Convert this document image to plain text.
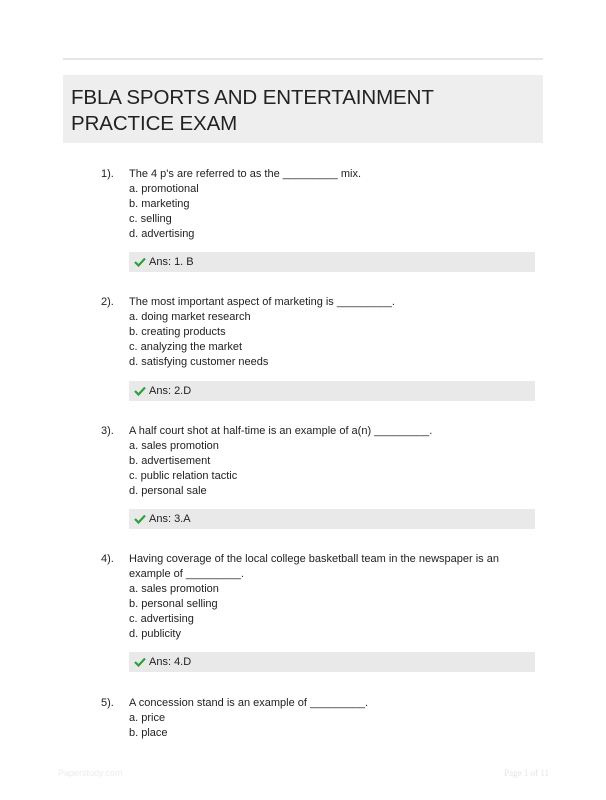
FBLA SPORTS AND ENTERTAINMENT PRACTICE EXAM
1). The 4 p's are referred to as the _________ mix.

a. promotional

b. marketing

c. selling

d. advertising

Ans: 1. B
2). The most important aspect of marketing is _________.

a. doing market research

b. creating products

c. analyzing the market

d. satisfying customer needs

Ans: 2.D
3). A half court shot at half-time is an example of a(n) _________.

a. sales promotion

b. advertisement

c. public relation tactic

d. personal sale

Ans: 3.A
4). Having coverage of the local college basketball team in the newspaper is an example of _________.

a. sales promotion

b. personal selling

c. advertising

d. publicity

Ans: 4.D
5). A concession stand is an example of _________.

a. price

b. place

Paperstudy.com	Page 1 of 11
